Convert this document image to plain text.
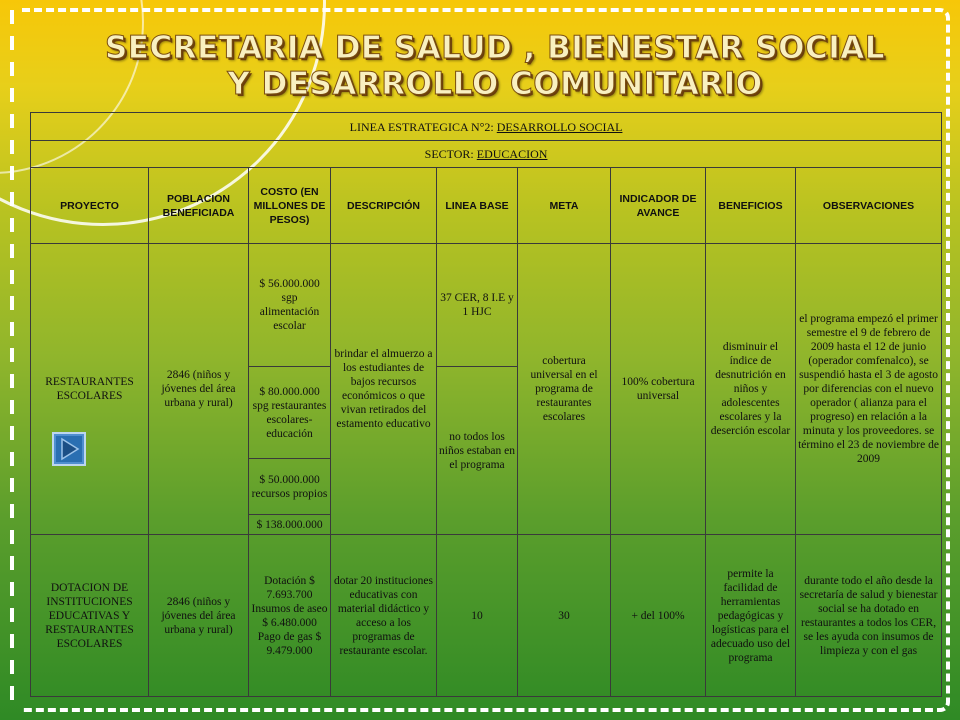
SECRETARIA DE SALUD , BIENESTAR SOCIAL
Y DESARROLLO COMUNITARIO
LINEA ESTRATEGICA N°2: DESARROLLO SOCIAL								
SECTOR: EDUCACION								
PROYECTO	POBLACION BENEFICIADA	COSTO (EN MILLONES DE PESOS)	DESCRIPCIÓN	LINEA BASE	META	INDICADOR DE AVANCE	BENEFICIOS	OBSERVACIONES
RESTAURANTES ESCOLARES	2846 (niños y jóvenes del área urbana y rural)	$ 56.000.000 sgp alimentación escolar	brindar el almuerzo a los estudiantes de bajos recursos económicos o que vivan retirados del estamento educativo	37 CER, 8 I.E y 1 HJC	cobertura universal en el programa de restaurantes escolares	100% cobertura universal	disminuir el índice de desnutrición en niños y adolescentes escolares y la deserción escolar	el programa empezó el primer semestre el 9 de febrero de 2009 hasta el 12 de junio (operador comfenalco), se suspendió hasta el 3 de agosto por diferencias con el nuevo operador ( alianza para el progreso) en relación a la minuta y los proveedores. se término el 23 de noviembre de 2009
		$ 80.000.000 spg restaurantes escolares-educación		no todos los niños estaban en el programa				
		$ 50.000.000 recursos propios						
		$ 138.000.000						
DOTACION DE INSTITUCIONES EDUCATIVAS Y RESTAURANTES ESCOLARES	2846 (niños y jóvenes del área urbana y rural)	Dotación $ 7.693.700 Insumos de aseo $ 6.480.000 Pago de gas $ 9.479.000	dotar 20 instituciones educativas con material didáctico y acceso a los programas de restaurante escolar.	10	30	+ del 100%	permite la facilidad de herramientas pedagógicas y logísticas para el adecuado uso del programa	durante todo el año desde la secretaría de salud y bienestar social se ha dotado en restaurantes a todos los CER, se les ayuda con insumos de limpieza y con el gas
